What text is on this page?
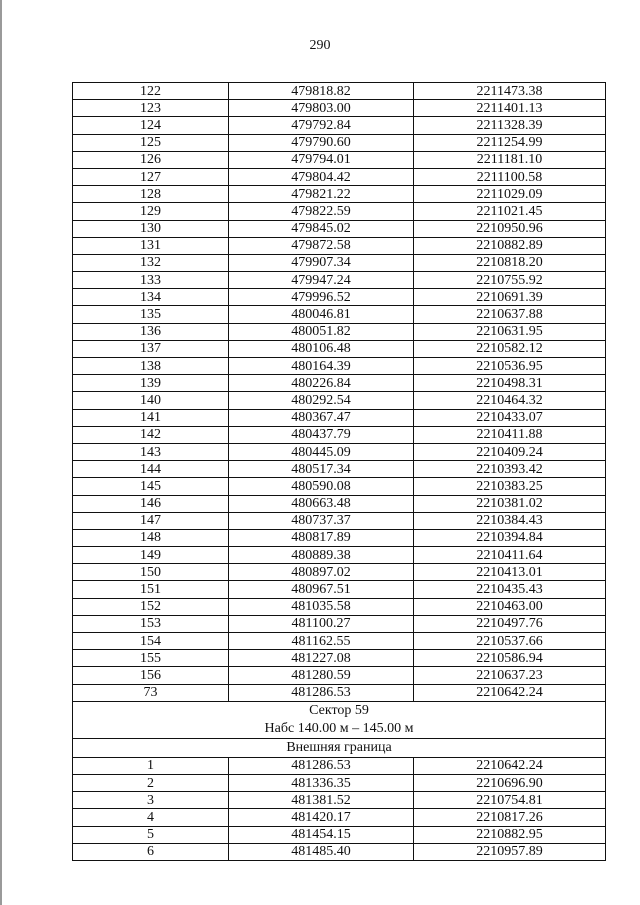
290
122	479818.82	2211473.38
123	479803.00	2211401.13
124	479792.84	2211328.39
125	479790.60	2211254.99
126	479794.01	2211181.10
127	479804.42	2211100.58
128	479821.22	2211029.09
129	479822.59	2211021.45
130	479845.02	2210950.96
131	479872.58	2210882.89
132	479907.34	2210818.20
133	479947.24	2210755.92
134	479996.52	2210691.39
135	480046.81	2210637.88
136	480051.82	2210631.95
137	480106.48	2210582.12
138	480164.39	2210536.95
139	480226.84	2210498.31
140	480292.54	2210464.32
141	480367.47	2210433.07
142	480437.79	2210411.88
143	480445.09	2210409.24
144	480517.34	2210393.42
145	480590.08	2210383.25
146	480663.48	2210381.02
147	480737.37	2210384.43
148	480817.89	2210394.84
149	480889.38	2210411.64
150	480897.02	2210413.01
151	480967.51	2210435.43
152	481035.58	2210463.00
153	481100.27	2210497.76
154	481162.55	2210537.66
155	481227.08	2210586.94
156	481280.59	2210637.23
73	481286.53	2210642.24

Сектор 59
Набс 140.00 м – 145.00 м		

Внешняя граница		
1	481286.53	2210642.24
2	481336.35	2210696.90
3	481381.52	2210754.81
4	481420.17	2210817.26
5	481454.15	2210882.95
6	481485.40	2210957.89
